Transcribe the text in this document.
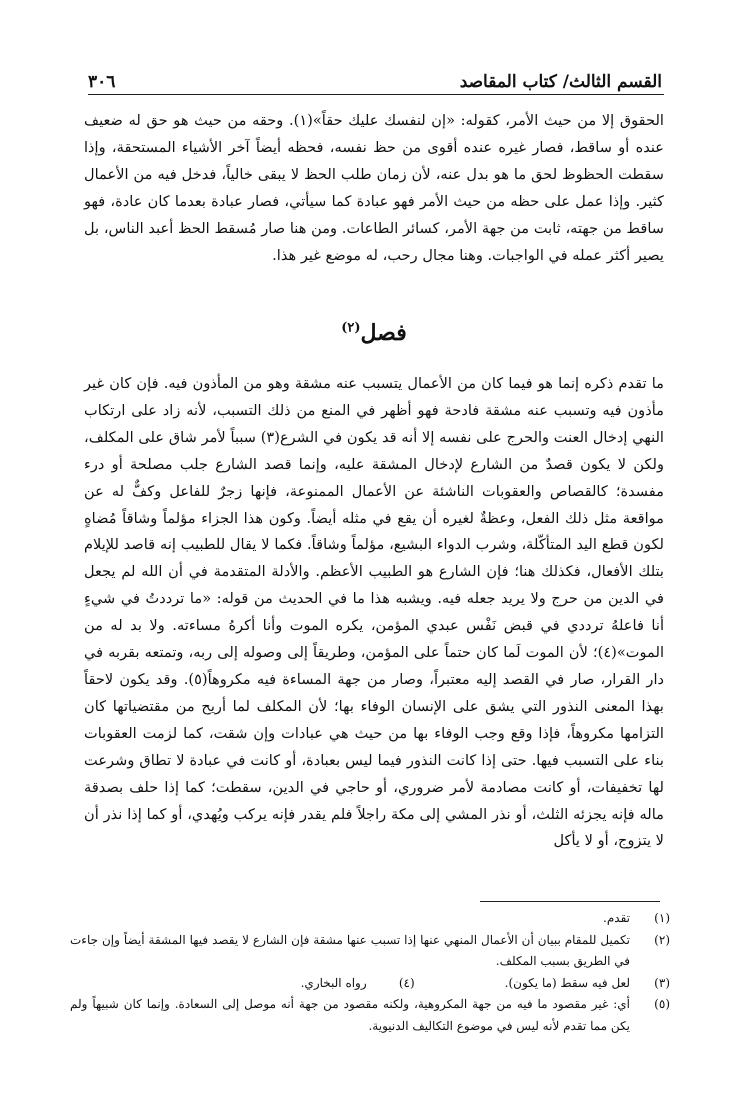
القسم الثالث/ كتاب المقاصد
٣٠٦
الحقوق إلا من حيث الأمر، كقوله: «إن لنفسك عليك حقاً»(١). وحقه من حيث هو حق له ضعيف عنده أو ساقط، فصار غيره عنده أقوى من حظ نفسه، فحظه أيضاً آخر الأشياء المستحقة، وإذا سقطت الحظوظ لحق ما هو بدل عنه، لأن زمان طلب الحظ لا يبقى خالياً، فدخل فيه من الأعمال كثير. وإذا عمل على حظه من حيث الأمر فهو عبادة كما سيأتي، فصار عبادة بعدما كان عادة، فهو ساقط من جهته، ثابت من جهة الأمر، كسائر الطاعات. ومن هنا صار مُسقط الحظ أعبد الناس، بل يصير أكثر عمله في الواجبات. وهنا مجال رحب، له موضع غير هذا.
فصل$^{(٢)}$
ما تقدم ذكره إنما هو فيما كان من الأعمال يتسبب عنه مشقة وهو من المأذون فيه. فإن كان غير مأذون فيه وتسبب عنه مشقة فادحة فهو أظهر في المنع من ذلك التسبب، لأنه زاد على ارتكاب النهي إدخال العنت والحرج على نفسه إلا أنه قد يكون في الشرع(٣) سبباً لأمر شاق على المكلف، ولكن لا يكون قصدٌ من الشارع لإدخال المشقة عليه، وإنما قصد الشارع جلب مصلحة أو درء مفسدة؛ كالقصاص والعقوبات الناشئة عن الأعمال الممنوعة، فإنها زجرٌ للفاعل وكفٌّ له عن مواقعة مثل ذلك الفعل، وعظةٌ لغيره أن يقع في مثله أيضاً. وكون هذا الجزاء مؤلماً وشاقاً مُضاهٍ لكون قطع اليد المتأكّلة، وشرب الدواء البشيع، مؤلماً وشاقاً. فكما لا يقال للطبيب إنه قاصد للإيلام بتلك الأفعال، فكذلك هنا؛ فإن الشارع هو الطبيب الأعظم. والأدلة المتقدمة في أن الله لم يجعل في الدين من حرج ولا يريد جعله فيه. ويشبه هذا ما في الحديث من قوله: «ما ترددتُ في شيءٍ أنا فاعلهُ ترددي في قبض نَفْس عبدي المؤمن، يكره الموت وأنا أكرهُ مساءته. ولا بد له من الموت»(٤)؛ لأن الموت لَما كان حتماً على المؤمن، وطريقاً إلى وصوله إلى ربه، وتمتعه بقربه في دار القرار، صار في القصد إليه معتبراً، وصار من جهة المساءة فيه مكروهاً(٥). وقد يكون لاحقاً بهذا المعنى النذور التي يشق على الإنسان الوفاء بها؛ لأن المكلف لما أريح من مقتضياتها كان التزامها مكروهاً، فإذا وقع وجب الوفاء بها من حيث هي عبادات وإن شقت، كما لزمت العقوبات بناء على التسبب فيها. حتى إذا كانت النذور فيما ليس بعبادة، أو كانت في عبادة لا تطاق وشرعت لها تخفيفات، أو كانت مصادمة لأمر ضروري، أو حاجي في الدين، سقطت؛ كما إذا حلف بصدقة ماله فإنه يجزئه الثلث، أو نذر المشي إلى مكة راجلاً فلم يقدر فإنه يركب ويُهدي، أو كما إذا نذر أن لا يتزوج، أو لا يأكل
(١)
تقدم.
(٢)
تكميل للمقام ببيان أن الأعمال المنهي عنها إذا تسبب عنها مشقة فإن الشارع لا يقصد فيها المشقة أيضاً وإن جاءت في الطريق بسبب المكلف.
(٣)
لعل فيه سقط (ما يكون).
(٤)
رواه البخاري.
(٥)
أي: غير مقصود ما فيه من جهة المكروهية، ولكنه مقصود من جهة أنه موصل إلى السعادة. وإنما كان شبيهاً ولم يكن مما تقدم لأنه ليس في موضوع التكاليف الدنيوية.
